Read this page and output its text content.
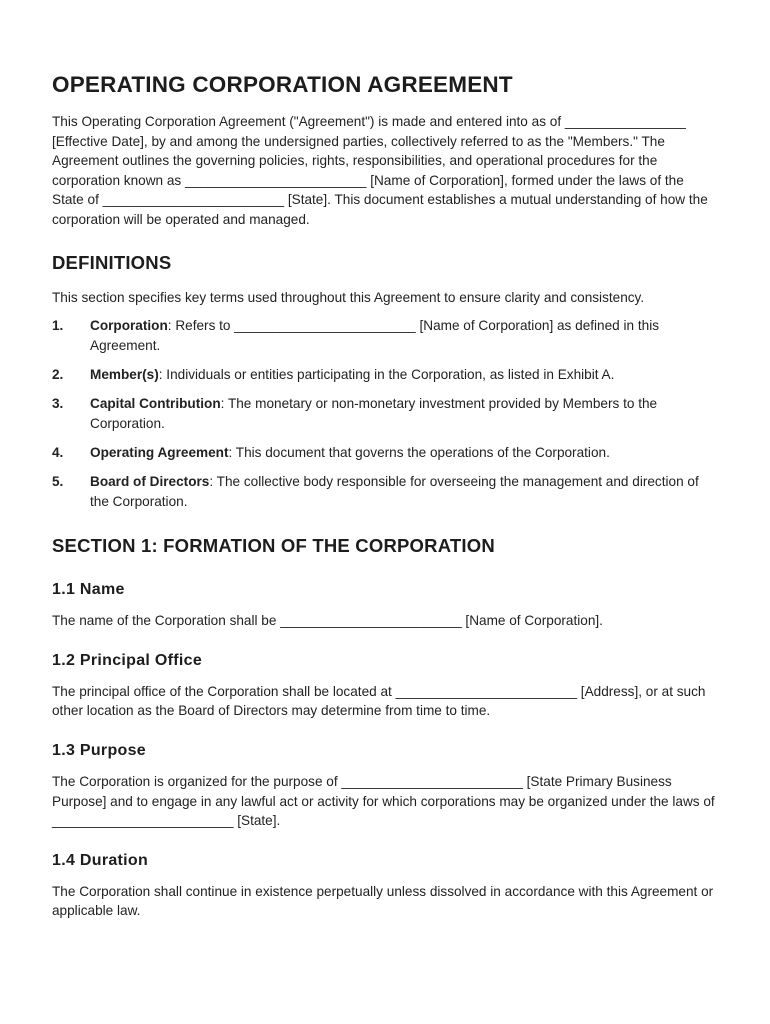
OPERATING CORPORATION AGREEMENT

This Operating Corporation Agreement ("Agreement") is made and entered into as of ________________ [Effective Date], by and among the undersigned parties, collectively referred to as the "Members." The Agreement outlines the governing policies, rights, responsibilities, and operational procedures for the corporation known as ________________________ [Name of Corporation], formed under the laws of the State of ________________________ [State]. This document establishes a mutual understanding of how the corporation will be operated and managed.

DEFINITIONS

This section specifies key terms used throughout this Agreement to ensure clarity and consistency.

1.	Corporation: Refers to ________________________ [Name of Corporation] as defined in this Agreement.
2.	Member(s): Individuals or entities participating in the Corporation, as listed in Exhibit A.
3.	Capital Contribution: The monetary or non-monetary investment provided by Members to the Corporation.
4.	Operating Agreement: This document that governs the operations of the Corporation.
5.	Board of Directors: The collective body responsible for overseeing the management and direction of the Corporation.
SECTION 1: FORMATION OF THE CORPORATION
1.1 Name

The name of the Corporation shall be ________________________ [Name of Corporation].

1.2 Principal Office

The principal office of the Corporation shall be located at ________________________ [Address], or at such other location as the Board of Directors may determine from time to time.

1.3 Purpose

The Corporation is organized for the purpose of ________________________ [State Primary Business Purpose] and to engage in any lawful act or activity for which corporations may be organized under the laws of ________________________ [State].

1.4 Duration

The Corporation shall continue in existence perpetually unless dissolved in accordance with this Agreement or applicable law.
